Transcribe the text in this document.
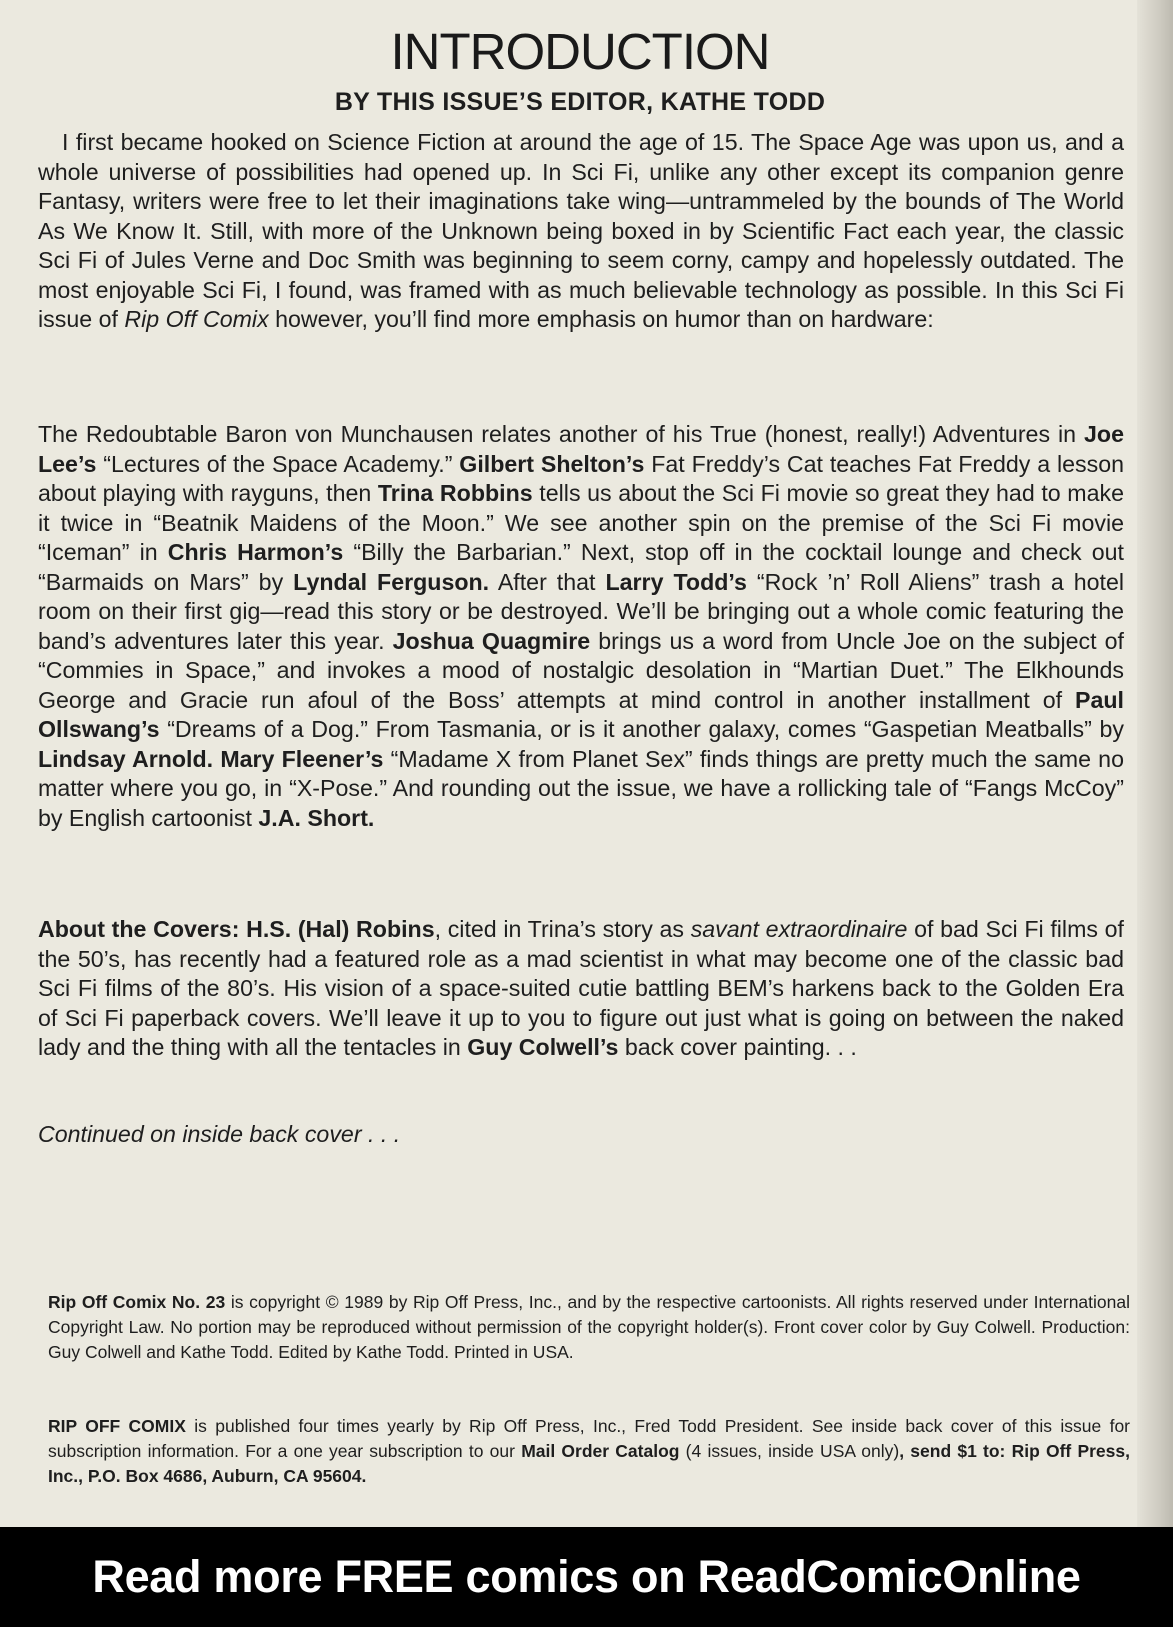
INTRODUCTION
BY THIS ISSUE’S EDITOR, KATHE TODD

I first became hooked on Science Fiction at around the age of 15. The Space Age was upon us, and a whole universe of possibilities had opened up. In Sci Fi, unlike any other except its companion genre Fantasy, writers were free to let their imaginations take wing—untrammeled by the bounds of The World As We Know It. Still, with more of the Unknown being boxed in by Scientific Fact each year, the classic Sci Fi of Jules Verne and Doc Smith was beginning to seem corny, campy and hopelessly outdated. The most enjoyable Sci Fi, I found, was framed with as much believable technology as possible. In this Sci Fi issue of Rip Off Comix however, you’ll find more emphasis on humor than on hardware:

The Redoubtable Baron von Munchausen relates another of his True (honest, really!) Adventures in Joe Lee’s “Lectures of the Space Academy.” Gilbert Shelton’s Fat Freddy’s Cat teaches Fat Freddy a lesson about playing with rayguns, then Trina Robbins tells us about the Sci Fi movie so great they had to make it twice in “Beatnik Maidens of the Moon.” We see another spin on the premise of the Sci Fi movie “Iceman” in Chris Harmon’s “Billy the Barbarian.” Next, stop off in the cocktail lounge and check out “Barmaids on Mars” by Lyndal Ferguson. After that Larry Todd’s “Rock ’n’ Roll Aliens” trash a hotel room on their first gig—read this story or be destroyed. We’ll be bringing out a whole comic featuring the band’s adventures later this year. Joshua Quagmire brings us a word from Uncle Joe on the subject of “Commies in Space,” and invokes a mood of nostalgic desolation in “Martian Duet.” The Elkhounds George and Gracie run afoul of the Boss’ attempts at mind control in another installment of Paul Ollswang’s “Dreams of a Dog.” From Tasmania, or is it another galaxy, comes “Gaspetian Meatballs” by Lindsay Arnold. Mary Fleener’s “Madame X from Planet Sex” finds things are pretty much the same no matter where you go, in “X-Pose.” And rounding out the issue, we have a rollicking tale of “Fangs McCoy” by English cartoonist J.A. Short.

About the Covers: H.S. (Hal) Robins, cited in Trina’s story as savant extraordinaire of bad Sci Fi films of the 50’s, has recently had a featured role as a mad scientist in what may become one of the classic bad Sci Fi films of the 80’s. His vision of a space-suited cutie battling BEM’s harkens back to the Golden Era of Sci Fi paperback covers. We’ll leave it up to you to figure out just what is going on between the naked lady and the thing with all the tentacles in Guy Colwell’s back cover painting. . .

Continued on inside back cover . . .

Rip Off Comix No. 23 is copyright © 1989 by Rip Off Press, Inc., and by the respective cartoonists. All rights reserved under International Copyright Law. No portion may be reproduced without permission of the copyright holder(s). Front cover color by Guy Colwell. Production: Guy Colwell and Kathe Todd. Edited by Kathe Todd. Printed in USA.

RIP OFF COMIX is published four times yearly by Rip Off Press, Inc., Fred Todd President. See inside back cover of this issue for subscription information. For a one year subscription to our Mail Order Catalog (4 issues, inside USA only), send $1 to: Rip Off Press, Inc., P.O. Box 4686, Auburn, CA 95604.

Read more FREE comics on ReadComicOnline
